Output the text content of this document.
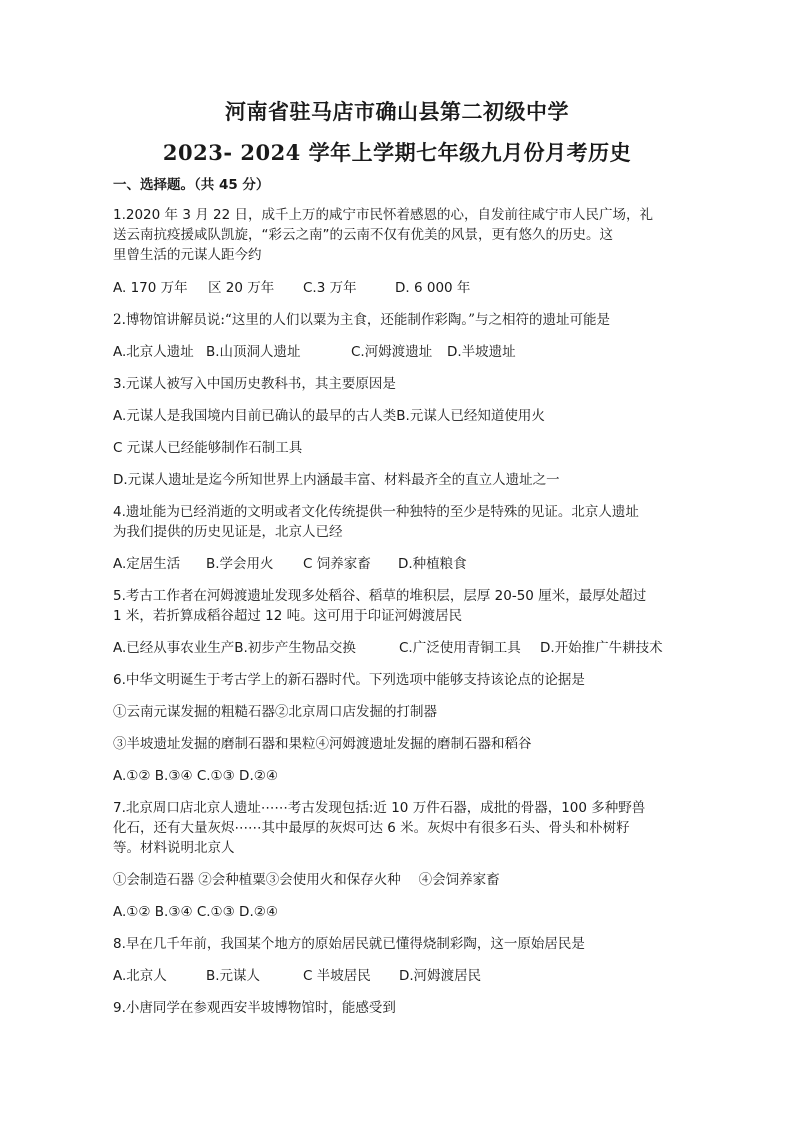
河南省驻马店市确山县第二初级中学
2023- 2024 学年上学期七年级九月份月考历史
一、选择题。（共 45 分）
1.2020 年 3 月 22 日，成千上万的咸宁市民怀着感恩的心，自发前往咸宁市人民广场，礼
送云南抗疫援咸队凯旋，“彩云之南”的云南不仅有优美的风景，更有悠久的历史。这
里曾生活的元谋人距今约
A. 170 万年 区 20 万年 C.3 万年	D. 6 000 年
2.博物馆讲解员说:“这里的人们以粟为主食，还能制作彩陶。”与之相符的遗址可能是
A.北京人遗址 B.山顶洞人遗址	C.河姆渡遗址 D.半坡遗址
3.元谋人被写入中国历史教科书，其主要原因是
A.元谋人是我国境内目前已确认的最早的古人类B.元谋人已经知道使用火
C 元谋人已经能够制作石制工具
D.元谋人遗址是迄今所知世界上内涵最丰富、材料最齐全的直立人遗址之一
4.遗址能为已经消逝的文明或者文化传统提供一种独特的至少是特殊的见证。北京人遗址
为我们提供的历史见证是，北京人已经
A.定居生活 B.学会用火 C 饲养家畜 D.种植粮食
5.考古工作者在河姆渡遗址发现多处稻谷、稻草的堆积层，层厚 20-50 厘米，最厚处超过
1 米，若折算成稻谷超过 12 吨。这可用于印证河姆渡居民
A.已经从事农业生产B.初步产生物品交换	C.广泛使用青铜工具 D.开始推广牛耕技术
6.中华文明诞生于考古学上的新石器时代。下列选项中能够支持该论点的论据是
①云南元谋发掘的粗糙石器②北京周口店发掘的打制器
③半坡遗址发掘的磨制石器和果粒④河姆渡遗址发掘的磨制石器和稻谷
A.①② B.③④ C.①③ D.②④
7.北京周口店北京人遗址⋯⋯考古发现包括:近 10 万件石器，成批的骨器，100 多种野兽
化石，还有大量灰烬⋯⋯其中最厚的灰烬可达 6 米。灰烬中有很多石头、骨头和朴树籽
等。材料说明北京人
①会制造石器 ②会种植粟③会使用火和保存火种　 ④会饲养家畜
A.①② B.③④ C.①③ D.②④
8.早在几千年前，我国某个地方的原始居民就已懂得烧制彩陶，这一原始居民是
A.北京人	B.元谋人	C 半坡居民 D.河姆渡居民
9.小唐同学在参观西安半坡博物馆时，能感受到
